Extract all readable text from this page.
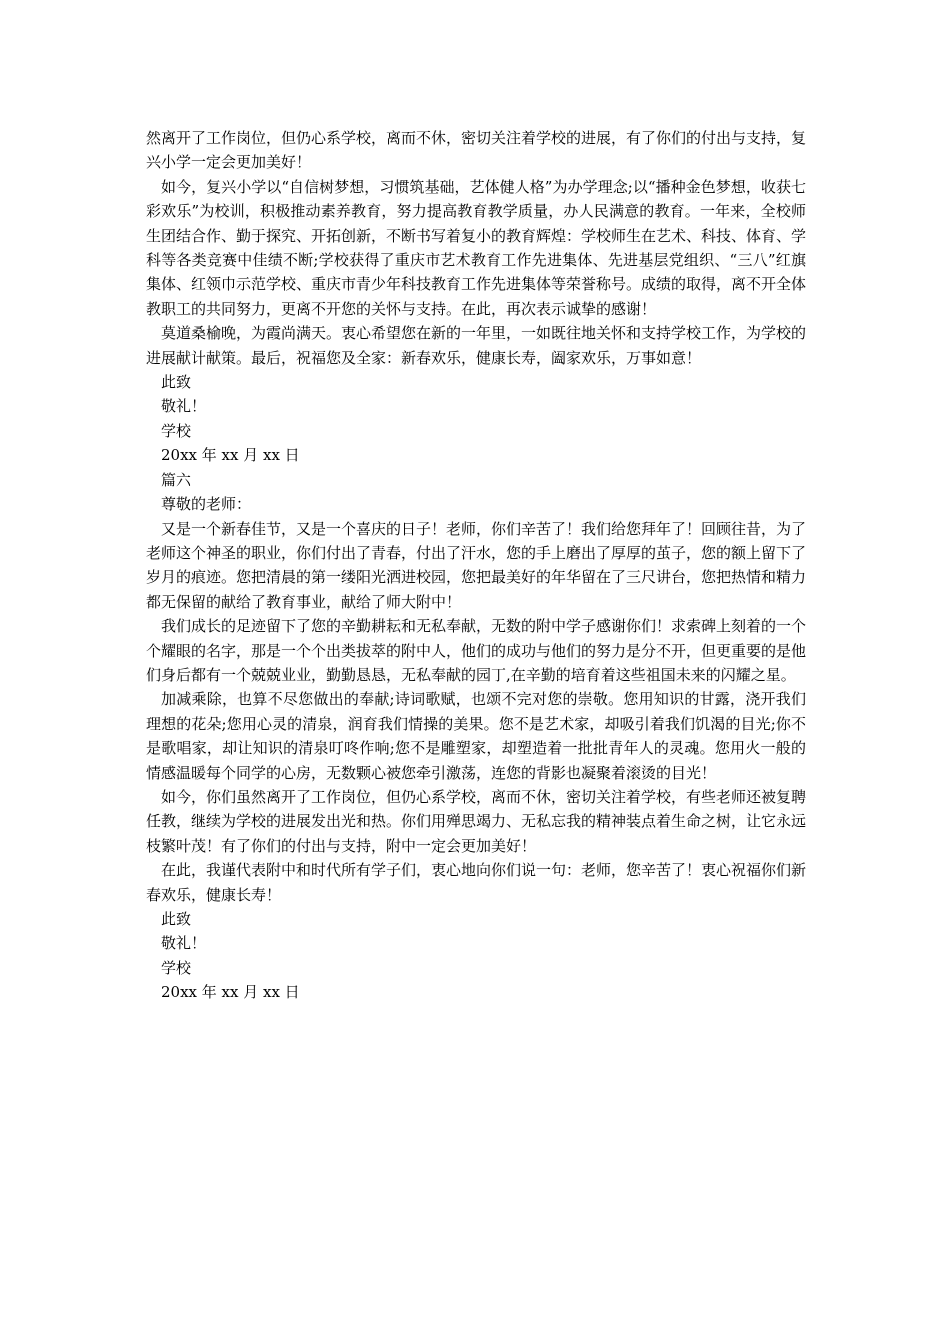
然离开了工作岗位，但仍心系学校，离而不休，密切关注着学校的进展，有了你们的付出与支持，复兴小学一定会更加美好！

如今，复兴小学以“自信树梦想，习惯筑基础，艺体健人格”为办学理念;以“播种金色梦想，收获七彩欢乐”为校训，积极推动素养教育，努力提高教育教学质量，办人民满意的教育。一年来，全校师生团结合作、勤于探究、开拓创新，不断书写着复小的教育辉煌：学校师生在艺术、科技、体育、学科等各类竞赛中佳绩不断;学校获得了重庆市艺术教育工作先进集体、先进基层党组织、“三八”红旗集体、红领巾示范学校、重庆市青少年科技教育工作先进集体等荣誉称号。成绩的取得，离不开全体教职工的共同努力，更离不开您的关怀与支持。在此，再次表示诚挚的感谢！

莫道桑榆晚，为霞尚满天。衷心希望您在新的一年里，一如既往地关怀和支持学校工作，为学校的进展献计献策。最后，祝福您及全家：新春欢乐，健康长寿，阖家欢乐，万事如意！

此致

敬礼！

学校

20xx 年 xx 月 xx 日

篇六

尊敬的老师：

又是一个新春佳节，又是一个喜庆的日子！老师，你们辛苦了！我们给您拜年了！回顾往昔，为了老师这个神圣的职业，你们付出了青春，付出了汗水，您的手上磨出了厚厚的茧子，您的额上留下了岁月的痕迹。您把清晨的第一缕阳光洒进校园，您把最美好的年华留在了三尺讲台，您把热情和精力都无保留的献给了教育事业，献给了师大附中！

我们成长的足迹留下了您的辛勤耕耘和无私奉献，无数的附中学子感谢你们！求索碑上刻着的一个个耀眼的名字，那是一个个出类拔萃的附中人，他们的成功与他们的努力是分不开，但更重要的是他们身后都有一个兢兢业业，勤勤恳恳，无私奉献的园丁,在辛勤的培育着这些祖国未来的闪耀之星。

加减乘除，也算不尽您做出的奉献;诗词歌赋，也颂不完对您的崇敬。您用知识的甘露，浇开我们理想的花朵;您用心灵的清泉，润育我们情操的美果。您不是艺术家，却吸引着我们饥渴的目光;你不是歌唱家，却让知识的清泉叮咚作响;您不是雕塑家，却塑造着一批批青年人的灵魂。您用火一般的情感温暖每个同学的心房，无数颗心被您牵引激荡，连您的背影也凝聚着滚烫的目光！

如今，你们虽然离开了工作岗位，但仍心系学校，离而不休，密切关注着学校，有些老师还被复聘任教，继续为学校的进展发出光和热。你们用殚思竭力、无私忘我的精神装点着生命之树，让它永远枝繁叶茂！有了你们的付出与支持，附中一定会更加美好！

在此，我谨代表附中和时代所有学子们，衷心地向你们说一句：老师，您辛苦了！衷心祝福你们新春欢乐，健康长寿！

此致

敬礼！

学校

20xx 年 xx 月 xx 日
